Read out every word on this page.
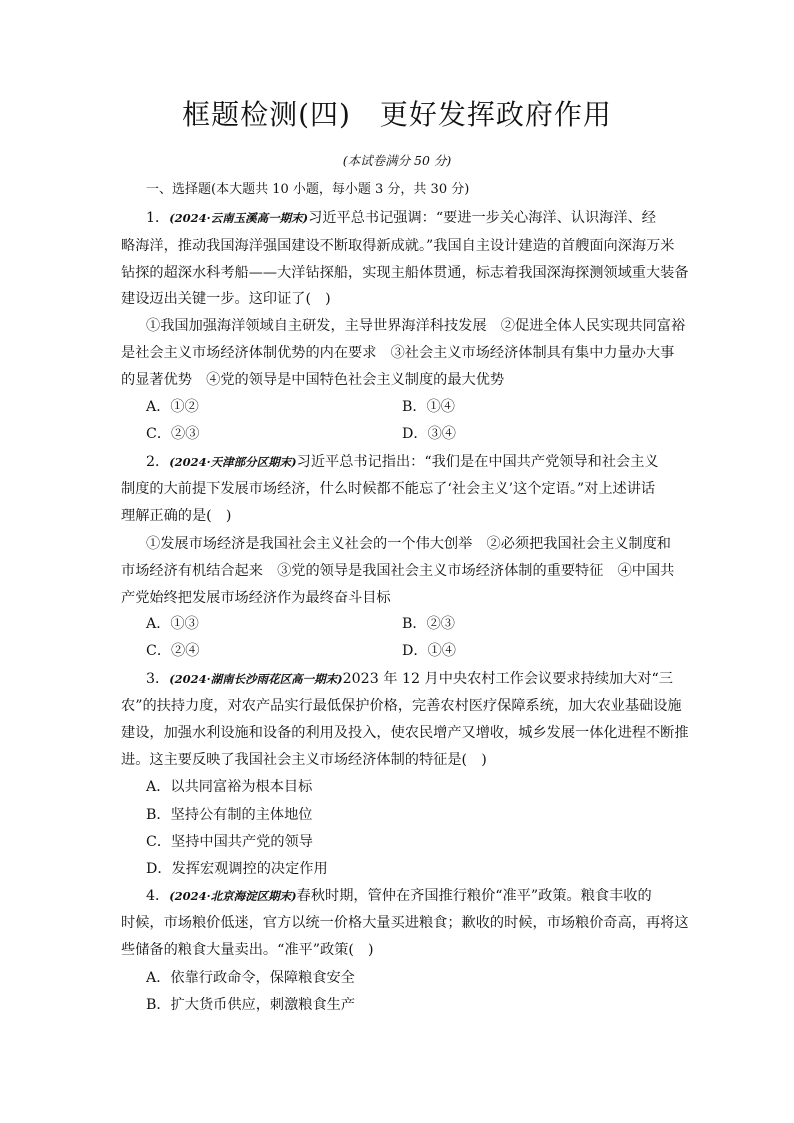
框题检测(四)　更好发挥政府作用
(本试卷满分 50 分)
一、选择题(本大题共 10 小题，每小题 3 分，共 30 分)
1．(2024·云南玉溪高一期末)习近平总书记强调：“要进一步关心海洋、认识海洋、经
略海洋，推动我国海洋强国建设不断取得新成就。”我国自主设计建造的首艘面向深海万米
钻探的超深水科考船——大洋钻探船，实现主船体贯通，标志着我国深海探测领域重大装备
建设迈出关键一步。这印证了(　)
①我国加强海洋领域自主研发，主导世界海洋科技发展　②促进全体人民实现共同富裕
是社会主义市场经济体制优势的内在要求　③社会主义市场经济体制具有集中力量办大事
的显著优势　④党的领导是中国特色社会主义制度的最大优势
A．①②	B．①④
C．②③	D．③④
2．(2024·天津部分区期末)习近平总书记指出：“我们是在中国共产党领导和社会主义
制度的大前提下发展市场经济，什么时候都不能忘了‘社会主义’这个定语。”对上述讲话
理解正确的是(　)
①发展市场经济是我国社会主义社会的一个伟大创举　②必须把我国社会主义制度和
市场经济有机结合起来　③党的领导是我国社会主义市场经济体制的重要特征　④中国共
产党始终把发展市场经济作为最终奋斗目标
A．①③	B．②③
C．②④	D．①④
3．(2024·湖南长沙雨花区高一期末)2023 年 12 月中央农村工作会议要求持续加大对“三
农”的扶持力度，对农产品实行最低保护价格，完善农村医疗保障系统，加大农业基础设施
建设，加强水利设施和设备的利用及投入，使农民增产又增收，城乡发展一体化进程不断推
进。这主要反映了我国社会主义市场经济体制的特征是(　)
A．以共同富裕为根本目标
B．坚持公有制的主体地位
C．坚持中国共产党的领导
D．发挥宏观调控的决定作用
4．(2024·北京海淀区期末)春秋时期，管仲在齐国推行粮价“准平”政策。粮食丰收的
时候，市场粮价低迷，官方以统一价格大量买进粮食；歉收的时候，市场粮价奇高，再将这
些储备的粮食大量卖出。“准平”政策(　)
A．依靠行政命令，保障粮食安全
B．扩大货币供应，刺激粮食生产
